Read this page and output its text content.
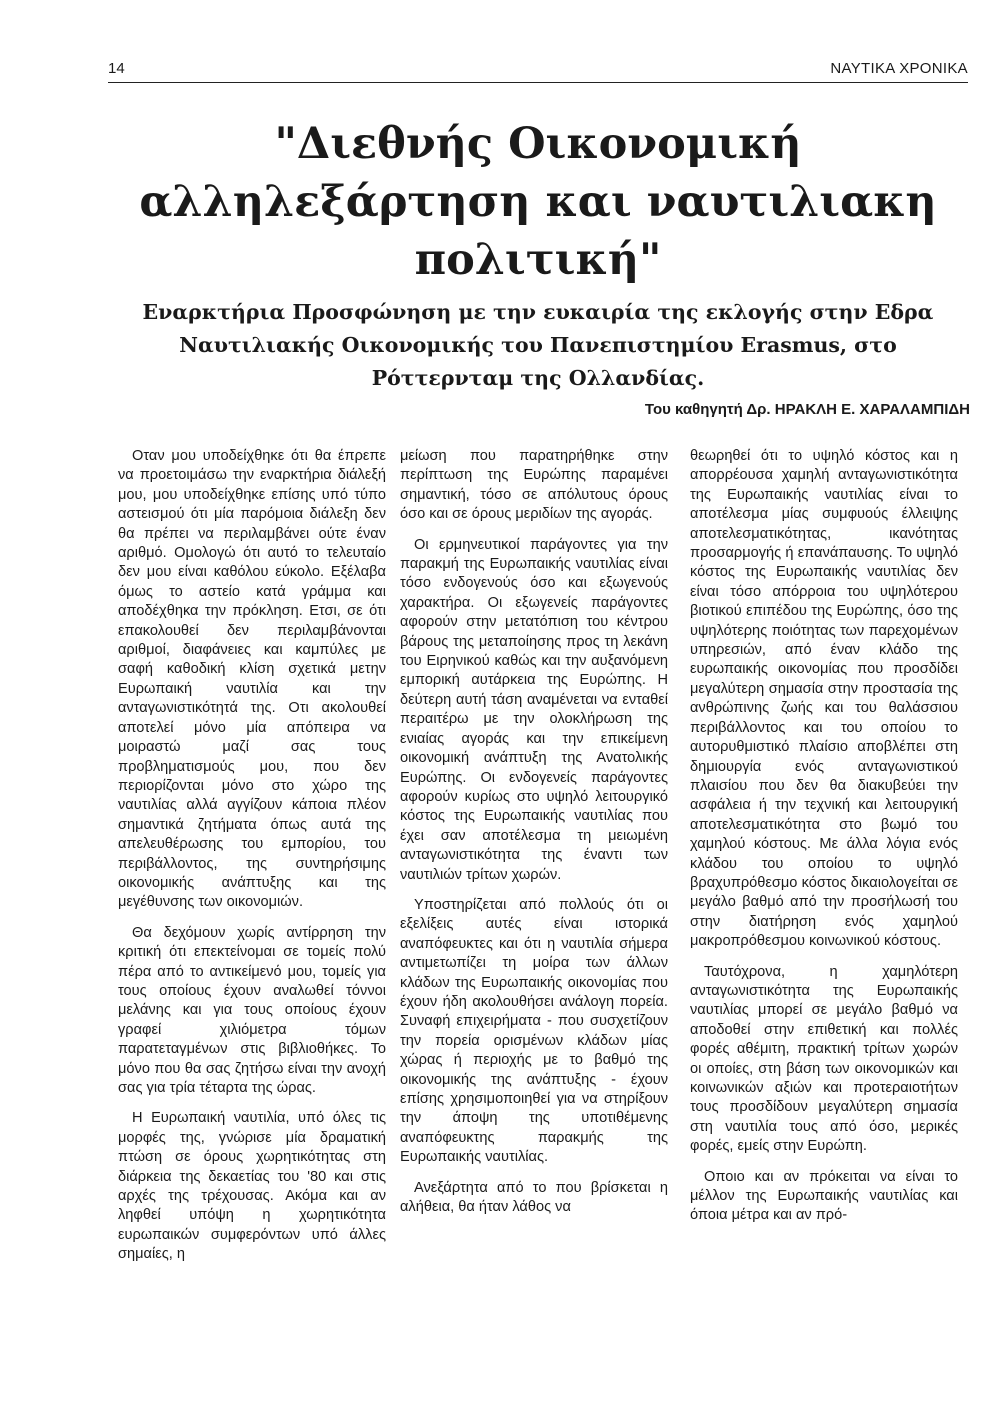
14	ΝΑΥΤΙΚΑ ΧΡΟΝΙΚΑ
"Διεθνής Οικονομική αλληλεξάρτηση και ναυτιλιακη πολιτική"
Εναρκτήρια Προσφώνηση με την ευκαιρία της εκλογής στην Εδρα Ναυτιλιακής Οικονομικής του Πανεπιστημίου Erasmus, στο Ρόττερνταμ της Ολλανδίας.
Του καθηγητή Δρ. ΗΡΑΚΛΗ Ε. ΧΑΡΑΛΑΜΠΙΔΗ

Οταν μου υποδείχθηκε ότι θα έπρεπε να προετοιμάσω την εναρκτήρια διάλεξή μου, μου υποδείχθηκε επίσης υπό τύπο αστεισμού ότι μία παρόμοια διάλεξη δεν θα πρέπει να περιλαμβάνει ούτε έναν αριθμό. Ομολογώ ότι αυτό το τελευταίο δεν μου είναι καθόλου εύκολο. Εξέλαβα όμως το αστείο κατά γράμμα και αποδέχθηκα την πρόκληση. Ετσι, σε ότι επακολουθεί δεν περιλαμβάνονται αριθμοί, διαφάνειες και καμπύλες με σαφή καθοδική κλίση σχετικά μετην Ευρωπαική ναυτιλία και την ανταγωνιστικότητά της. Οτι ακολουθεί αποτελεί μόνο μία απόπειρα να μοιραστώ μαζί σας τους προβληματισμούς μου, που δεν περιορίζονται μόνο στο χώρο της ναυτιλίας αλλά αγγίζουν κάποια πλέον σημαντικά ζητήματα όπως αυτά της απελευθέρωσης του εμπορίου, του περιβάλλοντος, της συντηρήσιμης οικονομικής ανάπτυξης και της μεγέθυνσης των οικονομιών.

Θα δεχόμουν χωρίς αντίρρηση την κριτική ότι επεκτείνομαι σε τομείς πολύ πέρα από το αντικείμενό μου, τομείς για τους οποίους έχουν αναλωθεί τόννοι μελάνης και για τους οποίους έχουν γραφεί χιλιόμετρα τόμων παρατεταγμένων στις βιβλιοθήκες. Το μόνο που θα σας ζητήσω είναι την ανοχή σας για τρία τέταρτα της ώρας.

Η Ευρωπαική ναυτιλία, υπό όλες τις μορφές της, γνώρισε μία δραματική πτώση σε όρους χωρητικότητας στη διάρκεια της δεκαετίας του '80 και στις αρχές της τρέχουσας. Ακόμα και αν ληφθεί υπόψη η χωρητικότητα ευρωπαικών συμφερόντων υπό άλλες σημαίες, η

μείωση που παρατηρήθηκε στην περίπτωση της Ευρώπης παραμένει σημαντική, τόσο σε απόλυτους όρους όσο και σε όρους μεριδίων της αγοράς.

Οι ερμηνευτικοί παράγοντες για την παρακμή της Ευρωπαικής ναυτιλίας είναι τόσο ενδογενούς όσο και εξωγενούς χαρακτήρα. Οι εξωγενείς παράγοντες αφορούν στην μετατόπιση του κέντρου βάρους της μεταποίησης προς τη λεκάνη του Ειρηνικού καθώς και την αυξανόμενη εμπορική αυτάρκεια της Ευρώπης. Η δεύτερη αυτή τάση αναμένεται να ενταθεί περαιτέρω με την ολοκλήρωση της ενιαίας αγοράς και την επικείμενη οικονομική ανάπτυξη της Ανατολικής Ευρώπης. Οι ενδογενείς παράγοντες αφορούν κυρίως στο υψηλό λειτουργικό κόστος της Ευρωπαικής ναυτιλίας που έχει σαν αποτέλεσμα τη μειωμένη ανταγωνιστικότητα της έναντι των ναυτιλιών τρίτων χωρών.

Υποστηρίζεται από πολλούς ότι οι εξελίξεις αυτές είναι ιστορικά αναπόφευκτες και ότι η ναυτιλία σήμερα αντιμετωπίζει τη μοίρα των άλλων κλάδων της Ευρωπαικής οικονομίας που έχουν ήδη ακολουθήσει ανάλογη πορεία. Συναφή επιχειρήματα - που συσχετίζουν την πορεία ορισμένων κλάδων μίας χώρας ή περιοχής με το βαθμό της οικονομικής της ανάπτυξης - έχουν επίσης χρησιμοποιηθεί για να στηρίξουν την άποψη της υποτιθέμενης αναπόφευκτης παρακμής της Ευρωπαικής ναυτιλίας.

Ανεξάρτητα από το που βρίσκεται η αλήθεια, θα ήταν λάθος να

θεωρηθεί ότι το υψηλό κόστος και η απορρέουσα χαμηλή ανταγωνιστικότητα της Ευρωπαικής ναυτιλίας είναι το αποτέλεσμα μίας συμφυούς έλλειψης αποτελεσματικότητας, ικανότητας προσαρμογής ή επανάπαυσης. Το υψηλό κόστος της Ευρωπαικής ναυτιλίας δεν είναι τόσο απόρροια του υψηλότερου βιοτικού επιπέδου της Ευρώπης, όσο της υψηλότερης ποιότητας των παρεχομένων υπηρεσιών, από έναν κλάδο της ευρωπαικής οικονομίας που προσδίδει μεγαλύτερη σημασία στην προστασία της ανθρώπινης ζωής και του θαλάσσιου περιβάλλοντος και του οποίου το αυτορυθμιστικό πλαίσιο αποβλέπει στη δημιουργία ενός ανταγωνιστικού πλαισίου που δεν θα διακυβεύει την ασφάλεια ή την τεχνική και λειτουργική αποτελεσματικότητα στο βωμό του χαμηλού κόστους. Με άλλα λόγια ενός κλάδου του οποίου το υψηλό βραχυπρόθεσμο κόστος δικαιολογείται σε μεγάλο βαθμό από την προσήλωσή του στην διατήρηση ενός χαμηλού μακροπρόθεσμου κοινωνικού κόστους.

Ταυτόχρονα, η χαμηλότερη ανταγωνιστικότητα της Ευρωπαικής ναυτιλίας μπορεί σε μεγάλο βαθμό να αποδοθεί στην επιθετική και πολλές φορές αθέμιτη, πρακτική τρίτων χωρών οι οποίες, στη βάση των οικονομικών και κοινωνικών αξιών και προτεραιοτήτων τους προσδίδουν μεγαλύτερη σημασία στη ναυτιλία τους από όσο, μερικές φορές, εμείς στην Ευρώπη.

Οποιο και αν πρόκειται να είναι το μέλλον της Ευρωπαικής ναυτιλίας και όποια μέτρα και αν πρό-
